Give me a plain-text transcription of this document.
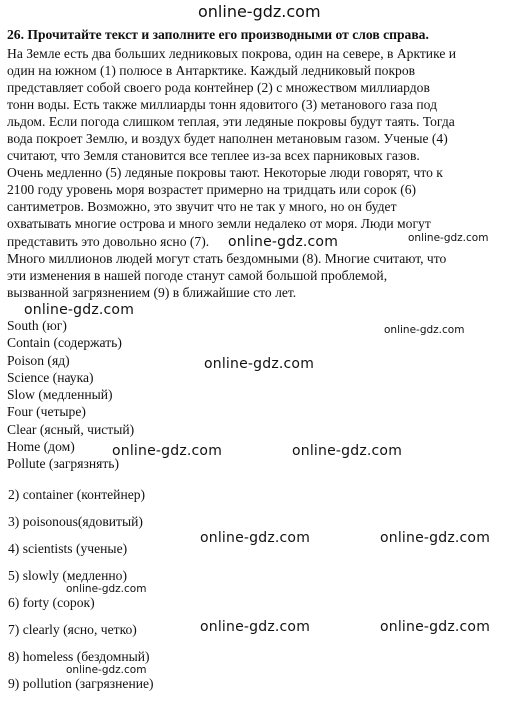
online-gdz.com
26. Прочитайте текст и заполните его производными от слов справа.
На Земле есть два больших ледниковых покрова, один на севере, в Арктике и
один на южном (1) полюсе в Антарктике. Каждый ледниковый покров
представляет собой своего рода контейнер (2) с множеством миллиардов
тонн воды. Есть также миллиарды тонн ядовитого (3) метанового газа под
льдом. Если погода слишком теплая, эти ледяные покровы будут таять. Тогда
вода покроет Землю, и воздух будет наполнен метановым газом. Ученые (4)
считают, что Земля становится все теплее из-за всех парниковых газов.
Очень медленно (5) ледяные покровы тают. Некоторые люди говорят, что к
2100 году уровень моря возрастет примерно на тридцать или сорок (6)
сантиметров. Возможно, это звучит что не так у много, но он будет
охватывать многие острова и много земли недалеко от моря. Люди могут
представить это довольно ясно (7).
Много миллионов людей могут стать бездомными (8). Многие считают, что
эти изменения в нашей погоде станут самой большой проблемой,
вызванной загрязнением (9) в ближайшие сто лет.
online-gdz.com	online-gdz.com
online-gdz.com
online-gdz.com
online-gdz.com
online-gdz.com	online-gdz.com
South (юг)
Contain (содержать)
Poison (яд)
Science (наука)
Slow (медленный)
Four (четыре)
Clear (ясный, чистый)
Home (дом)
Pollute (загрязнять)
2) container (контейнер)
3) poisonous(ядовитый)
4) scientists (ученые)
5) slowly (медленно)
6) forty (сорок)
7) clearly (ясно, четко)
8) homeless (бездомный)
9) pollution (загрязнение)
online-gdz.com	online-gdz.com
online-gdz.com
online-gdz.com	online-gdz.com
online-gdz.com
